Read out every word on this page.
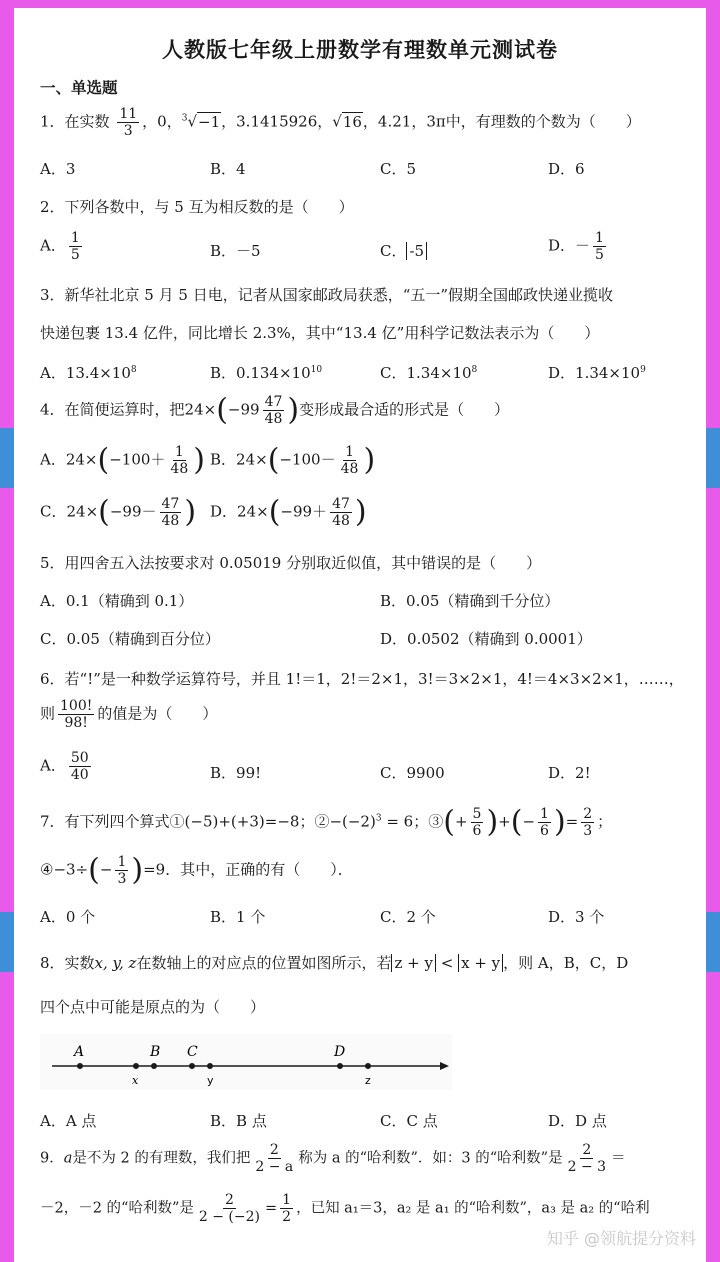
人教版七年级上册数学有理数单元测试卷
一、单选题
1．在实数 $\frac{11}{3}$ ，0，$^3$√−1，3.1415926，√16，4.21，3π中，有理数的个数为（　　）
A．3	B．4	C．5	D．6
2．下列各数中，与 5 互为相反数的是（　　）
A． $\frac{1}{5}$	B．－5	C． -5	D．－ $\frac{1}{5}$
3．新华社北京 5 月 5 日电，记者从国家邮政局获悉，“五一”假期全国邮政快递业揽收
快递包裹 13.4 亿件，同比增长 2.3%，其中“13.4 亿”用科学记数法表示为（　　）
A．$13.4\times 10^8$	B．$0.134\times 10^{10}$	C．$1.34\times 10^8$	D．$1.34\times 10^9$
4．在简便运算时，把$24\times(-99 \frac{47}{48}$ )变形成最合适的形式是（　　）
A．$24\times(-100+ \frac{1}{48}$ ) B．$24\times(-100- \frac{1}{48}$ )
C．$24\times(-99- \frac{47}{48}$ ) D．$24\times(-99+ \frac{47}{48}$ )
5．用四舍五入法按要求对 0.05019 分别取近似值，其中错误的是（　　）
A．0.1（精确到 0.1）	B．0.05（精确到千分位）
C．0.05（精确到百分位）	D．0.0502（精确到 0.0001）
6．若“!”是一种数学运算符号，并且 1!＝1，2!＝2×1，3!＝3×2×1，4!＝4×3×2×1，……，
则 $\frac{100!}{98!}$ 的值是为（　　）
A． $\frac{50}{40}$	B．99!	C．9900	D．2!
7．有下列四个算式①(−5)+(+3)=−8；$②-(-2)^3 = 6$；③(+ $\frac{5}{6}$ )+(− $\frac{1}{6}$ )= $\frac{2}{3}$ ；
④−3÷(− $\frac{1}{3} )=9$．其中，正确的有（　　）．
A．0 个	B．1 个	C．2 个	D．3 个
8．实数x, y, z在数轴上的对应点的位置如图所示，若 z + y < x + y ，则 A，B，C，D
四个点中可能是原点的为（　　）
A	B C	D
x	y	z
A．A 点	B．B 点	C．C 点	D．D 点
9．a是不为 2 的有理数，我们把 $\frac{2}{2 - a}$ 称为 a 的“哈利数”．如：3 的“哈利数”是 $\frac{2}{2 - 3}$ ＝
－2，－2 的“哈利数”是 $\frac{2}{2 - (-2)} = \frac{1}{2}$ ，已知 a₁＝3，a₂ 是 a₁ 的“哈利数”，a₃ 是 a₂ 的“哈利
知乎 @领航提分资料
